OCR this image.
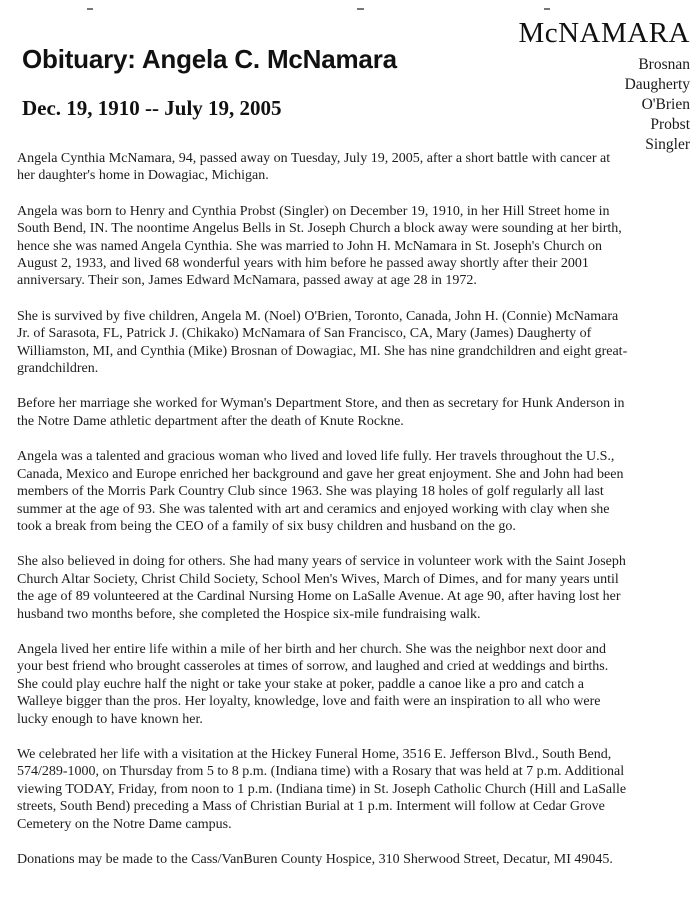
Obituary: Angela C. McNamara
Dec. 19, 1910 -- July 19, 2005
McNAMARA
Brosnan
Daugherty
O'Brien
Probst
Singler

Angela Cynthia McNamara, 94, passed away on Tuesday, July 19, 2005, after a short battle with cancer at her daughter's home in Dowagiac, Michigan.

Angela was born to Henry and Cynthia Probst (Singler) on December 19, 1910, in her Hill Street home in South Bend, IN. The noontime Angelus Bells in St. Joseph Church a block away were sounding at her birth, hence she was named Angela Cynthia. She was married to John H. McNamara in St. Joseph's Church on August 2, 1933, and lived 68 wonderful years with him before he passed away shortly after their 2001 anniversary. Their son, James Edward McNamara, passed away at age 28 in 1972.

She is survived by five children, Angela M. (Noel) O'Brien, Toronto, Canada, John H. (Connie) McNamara Jr. of Sarasota, FL, Patrick J. (Chikako) McNamara of San Francisco, CA, Mary (James) Daugherty of Williamston, MI, and Cynthia (Mike) Brosnan of Dowagiac, MI. She has nine grandchildren and eight great-grandchildren.

Before her marriage she worked for Wyman's Department Store, and then as secretary for Hunk Anderson in the Notre Dame athletic department after the death of Knute Rockne.

Angela was a talented and gracious woman who lived and loved life fully. Her travels throughout the U.S., Canada, Mexico and Europe enriched her background and gave her great enjoyment. She and John had been members of the Morris Park Country Club since 1963. She was playing 18 holes of golf regularly all last summer at the age of 93. She was talented with art and ceramics and enjoyed working with clay when she took a break from being the CEO of a family of six busy children and husband on the go.

She also believed in doing for others. She had many years of service in volunteer work with the Saint Joseph Church Altar Society, Christ Child Society, School Men's Wives, March of Dimes, and for many years until the age of 89 volunteered at the Cardinal Nursing Home on LaSalle Avenue. At age 90, after having lost her husband two months before, she completed the Hospice six-mile fundraising walk.

Angela lived her entire life within a mile of her birth and her church. She was the neighbor next door and your best friend who brought casseroles at times of sorrow, and laughed and cried at weddings and births. She could play euchre half the night or take your stake at poker, paddle a canoe like a pro and catch a Walleye bigger than the pros. Her loyalty, knowledge, love and faith were an inspiration to all who were lucky enough to have known her.

We celebrated her life with a visitation at the Hickey Funeral Home, 3516 E. Jefferson Blvd., South Bend, 574/289-1000, on Thursday from 5 to 8 p.m. (Indiana time) with a Rosary that was held at 7 p.m. Additional viewing TODAY, Friday, from noon to 1 p.m. (Indiana time) in St. Joseph Catholic Church (Hill and LaSalle streets, South Bend) preceding a Mass of Christian Burial at 1 p.m. Interment will follow at Cedar Grove Cemetery on the Notre Dame campus.

Donations may be made to the Cass/VanBuren County Hospice, 310 Sherwood Street, Decatur, MI 49045.
